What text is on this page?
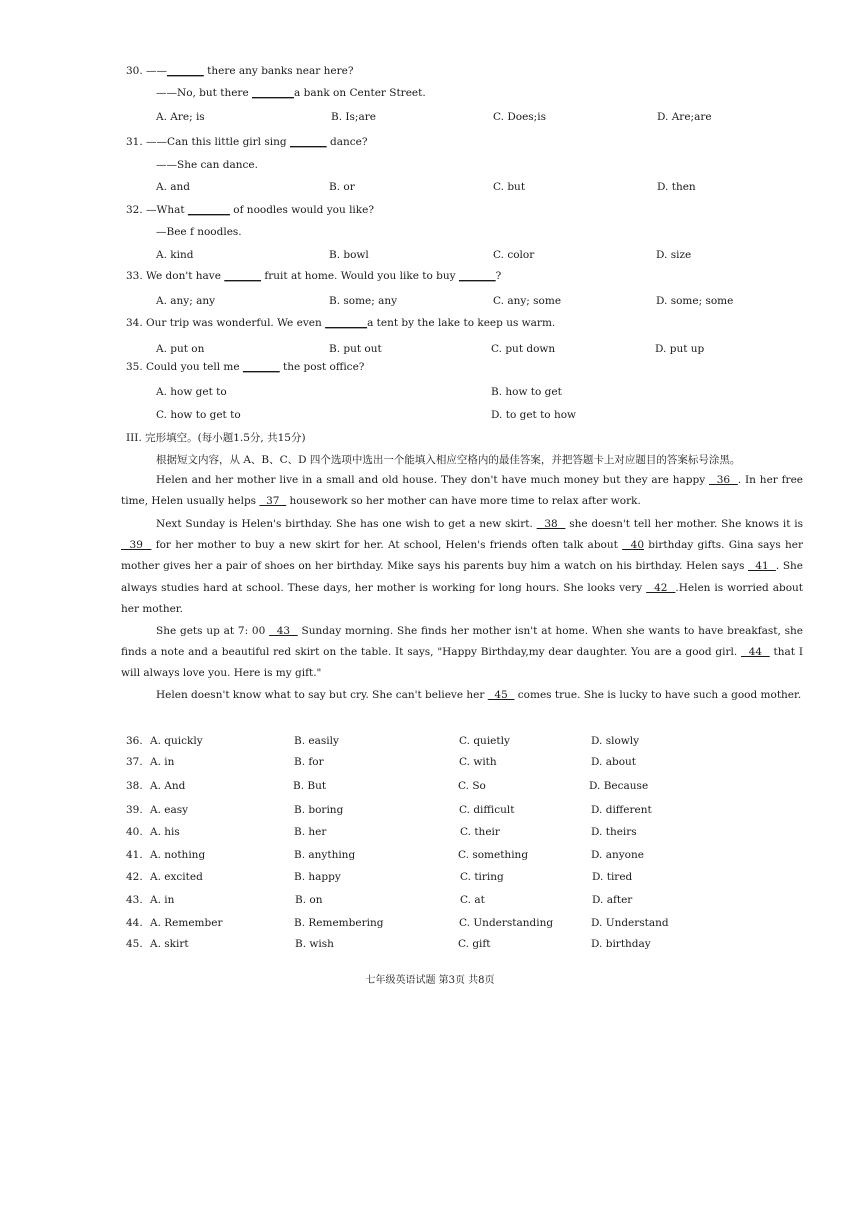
30. ——_______ there any banks near here?
——No, but there ________a bank on Center Street.
A. Are; is	B. Is;are	C. Does;is	D. Are;are
31. ——Can this little girl sing _______ dance?
——She can dance.
A. and	B. or	C. but	D. then
32. —What ________ of noodles would you like?
—Bee f noodles.
A. kind	B. bowl	C. color	D. size
33. We don't have _______ fruit at home. Would you like to buy _______?
A. any; any	B. some; any	C. any; some	D. some; some
34. Our trip was wonderful. We even ________a tent by the lake to keep us warm.
A. put on	B. put out	C. put down	D. put up
35. Could you tell me _______ the post office?
A. how get to	B. how to get
C. how to get to	D. to get to how
III. 完形填空。(每小题1.5分, 共15分)
根据短文内容，从 A、B、C、D 四个选项中选出一个能填入相应空格内的最佳答案，并把答题卡上对应题目的答案标号涂黑。
Helen and her mother live in a small and old house. They don't have much money but they are happy   36  . In her free time, Helen usually helps   37   housework so her mother can have more time to relax after work.
Next Sunday is Helen's birthday. She has one wish to get a new skirt.   38   she doesn't tell her mother. She knows it is   39   for her mother to buy a new skirt for her. At school, Helen's friends often talk about   40 birthday gifts. Gina says her mother gives her a pair of shoes on her birthday. Mike says his parents buy him a watch on his birthday. Helen says   41  . She always studies hard at school. These days, her mother is working for long hours. She looks very   42  .Helen is worried about her mother.
She gets up at 7: 00   43   Sunday morning. She finds her mother isn't at home. When she wants to have breakfast, she finds a note and a beautiful red skirt on the table. It says, "Happy Birthday,my dear daughter. You are a good girl.   44   that I will always love you. Here is my gift."
Helen doesn't know what to say but cry. She can't believe her   45   comes true. She is lucky to have such a good mother.
36. A. quickly	B. easily	C. quietly	D. slowly
37. A. in	B. for	C. with	D. about
38. A. And	B. But	C. So	D. Because
39. A. easy	B. boring	C. difficult	D. different
40. A. his	B. her	C. their	D. theirs
41. A. nothing	B. anything	C. something	D. anyone
42. A. excited	B. happy	C. tiring	D. tired
43. A. in	B. on	C. at	D. after
44. A. Remember	B. Remembering	C. Understanding	D. Understand
45. A. skirt	B. wish	C. gift	D. birthday
七年级英语试题 第3页 共8页
